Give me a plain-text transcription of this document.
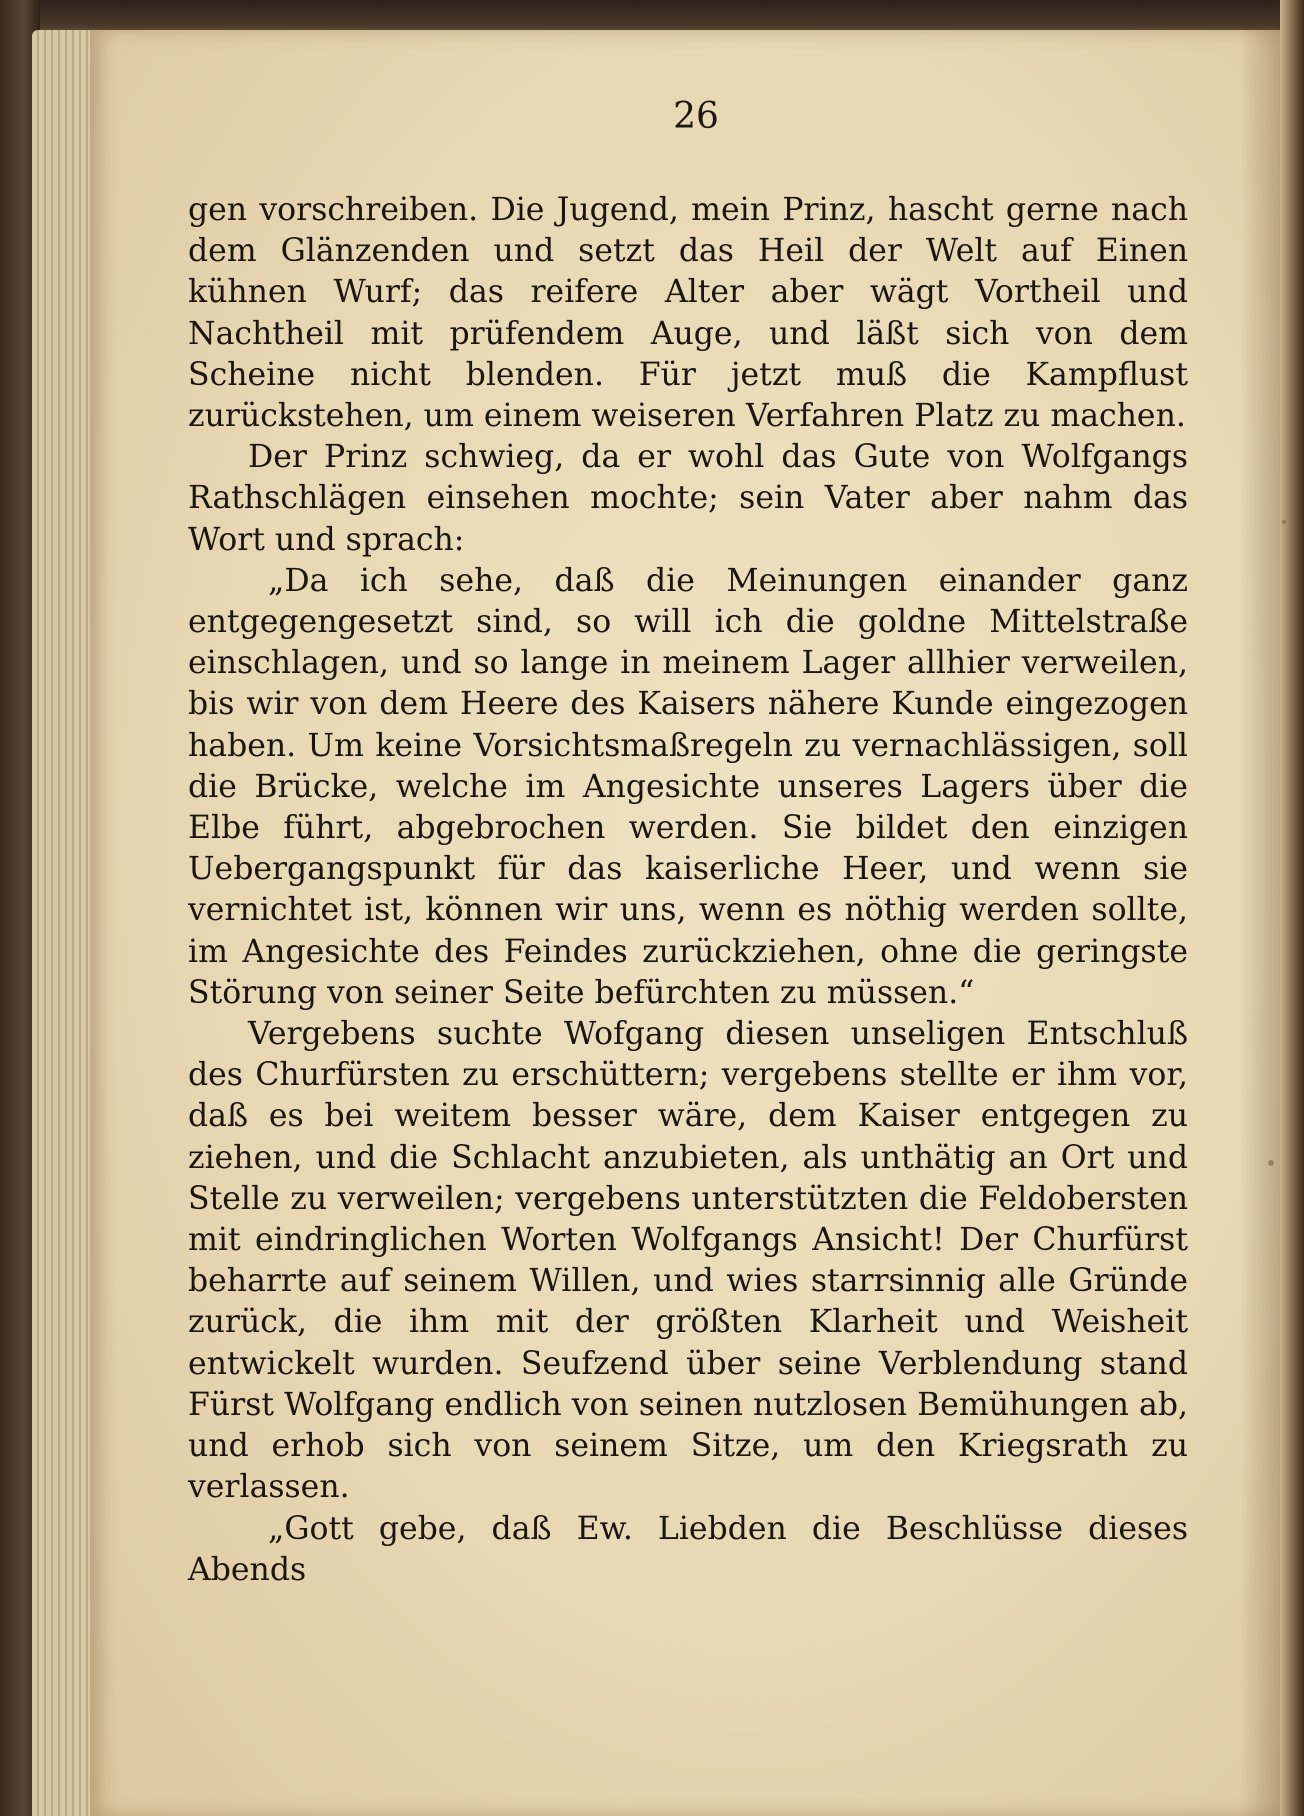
26

gen vorschreiben. Die Jugend, mein Prinz, hascht gerne nach dem Glänzenden und setzt das Heil der Welt auf Einen kühnen Wurf; das reifere Alter aber wägt Vortheil und Nachtheil mit prüfendem Auge, und läßt sich von dem Scheine nicht blenden. Für jetzt muß die Kampflust zurückstehen, um einem weiseren Verfahren Platz zu machen.

Der Prinz schwieg, da er wohl das Gute von Wolfgangs Rathschlägen einsehen mochte; sein Vater aber nahm das Wort und sprach:

„Da ich sehe, daß die Meinungen einander ganz entgegengesetzt sind, so will ich die goldne Mittelstraße einschlagen, und so lange in meinem Lager allhier verweilen, bis wir von dem Heere des Kaisers nähere Kunde eingezogen haben. Um keine Vorsichtsmaßregeln zu vernachlässigen, soll die Brücke, welche im Angesichte unseres Lagers über die Elbe führt, abgebrochen werden. Sie bildet den einzigen Uebergangspunkt für das kaiserliche Heer, und wenn sie vernichtet ist, können wir uns, wenn es nöthig werden sollte, im Angesichte des Feindes zurückziehen, ohne die geringste Störung von seiner Seite befürchten zu müssen.“

Vergebens suchte Wofgang diesen unseligen Entschluß des Churfürsten zu erschüttern; vergebens stellte er ihm vor, daß es bei weitem besser wäre, dem Kaiser entgegen zu ziehen, und die Schlacht anzubieten, als unthätig an Ort und Stelle zu verweilen; vergebens unterstützten die Feldobersten mit eindringlichen Worten Wolfgangs Ansicht! Der Churfürst beharrte auf seinem Willen, und wies starrsinnig alle Gründe zurück, die ihm mit der größten Klarheit und Weisheit entwickelt wurden. Seufzend über seine Verblendung stand Fürst Wolfgang endlich von seinen nutzlosen Bemühungen ab, und erhob sich von seinem Sitze, um den Kriegsrath zu verlassen.

„Gott gebe, daß Ew. Liebden die Beschlüsse dieses Abends
